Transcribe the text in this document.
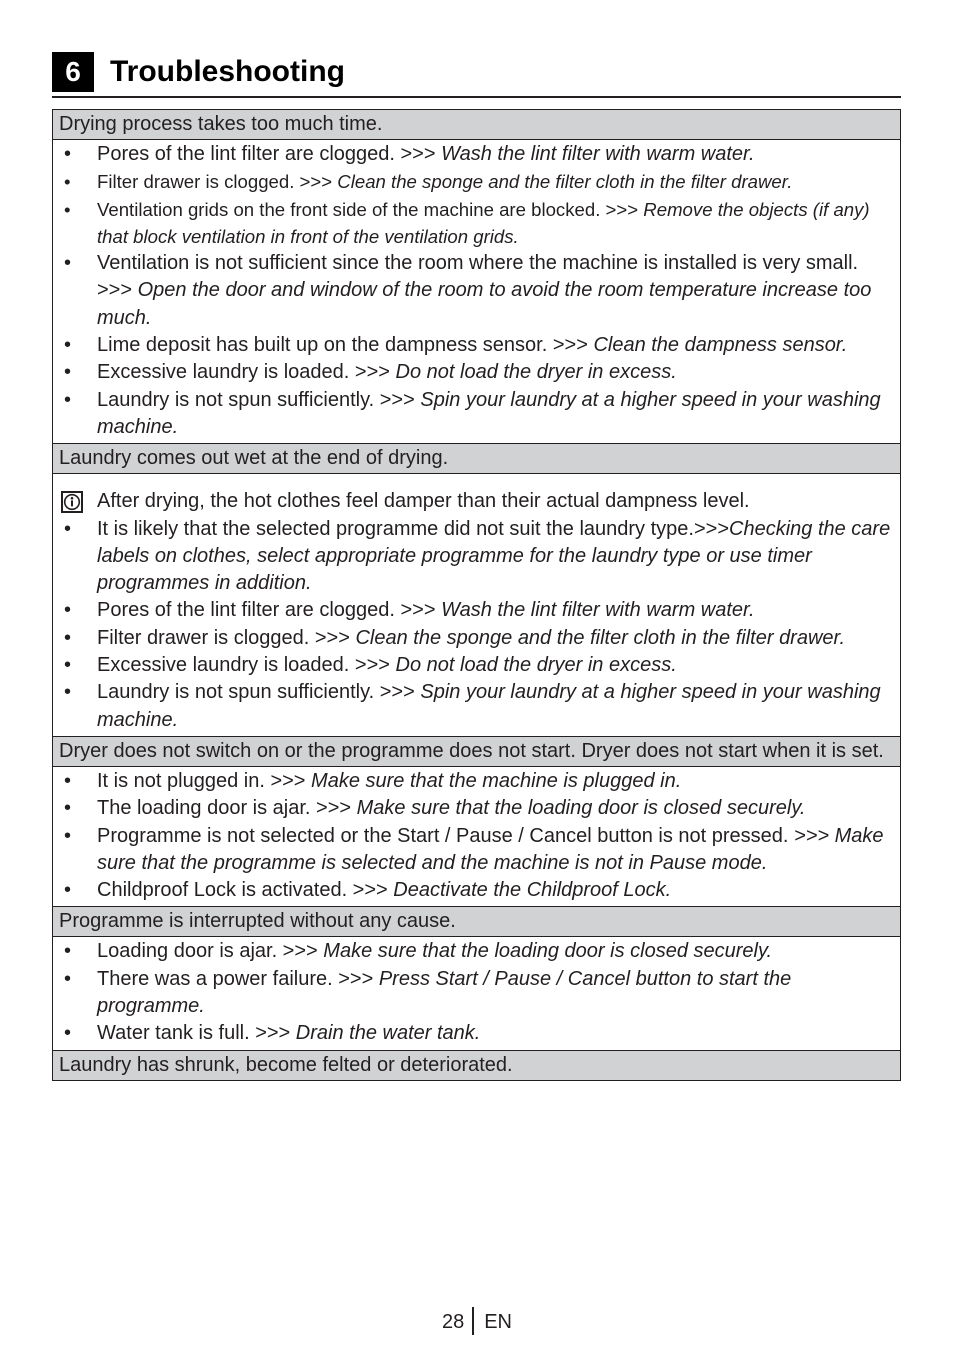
6 Troubleshooting
Drying process takes too much time.
• Pores of the lint filter are clogged. >>> Wash the lint filter with warm water.
• Filter drawer is clogged. >>> Clean the sponge and the filter cloth in the filter drawer.
• Ventilation grids on the front side of the machine are blocked. >>> Remove the objects (if any) that block ventilation in front of the ventilation grids.
• Ventilation is not sufficient since the room where the machine is installed is very small. >>> Open the door and window of the room to avoid the room temperature increase too much.
• Lime deposit has built up on the dampness sensor. >>> Clean the dampness sensor.
• Excessive laundry is loaded. >>> Do not load the dryer in excess.
• Laundry is not spun sufficiently. >>> Spin your laundry at a higher speed in your washing machine.
Laundry comes out wet at the end of drying.
After drying, the hot clothes feel damper than their actual dampness level.
• It is likely that the selected programme did not suit the laundry type.>>>Checking the care labels on clothes, select appropriate programme for the laundry type or use timer programmes in addition.
• Pores of the lint filter are clogged. >>> Wash the lint filter with warm water.
• Filter drawer is clogged. >>> Clean the sponge and the filter cloth in the filter drawer.
• Excessive laundry is loaded. >>> Do not load the dryer in excess.
• Laundry is not spun sufficiently. >>> Spin your laundry at a higher speed in your washing machine.
Dryer does not switch on or the programme does not start. Dryer does not start when it is set.
• It is not plugged in. >>> Make sure that the machine is plugged in.
• The loading door is ajar. >>> Make sure that the loading door is closed securely.
• Programme is not selected or the Start / Pause / Cancel button is not pressed. >>> Make sure that the programme is selected and the machine is not in Pause mode.
• Childproof Lock is activated. >>> Deactivate the Childproof Lock.
Programme is interrupted without any cause.
• Loading door is ajar. >>> Make sure that the loading door is closed securely.
• There was a power failure. >>> Press Start / Pause / Cancel button to start the programme.
• Water tank is full. >>> Drain the water tank.
Laundry has shrunk, become felted or deteriorated.
28 EN
